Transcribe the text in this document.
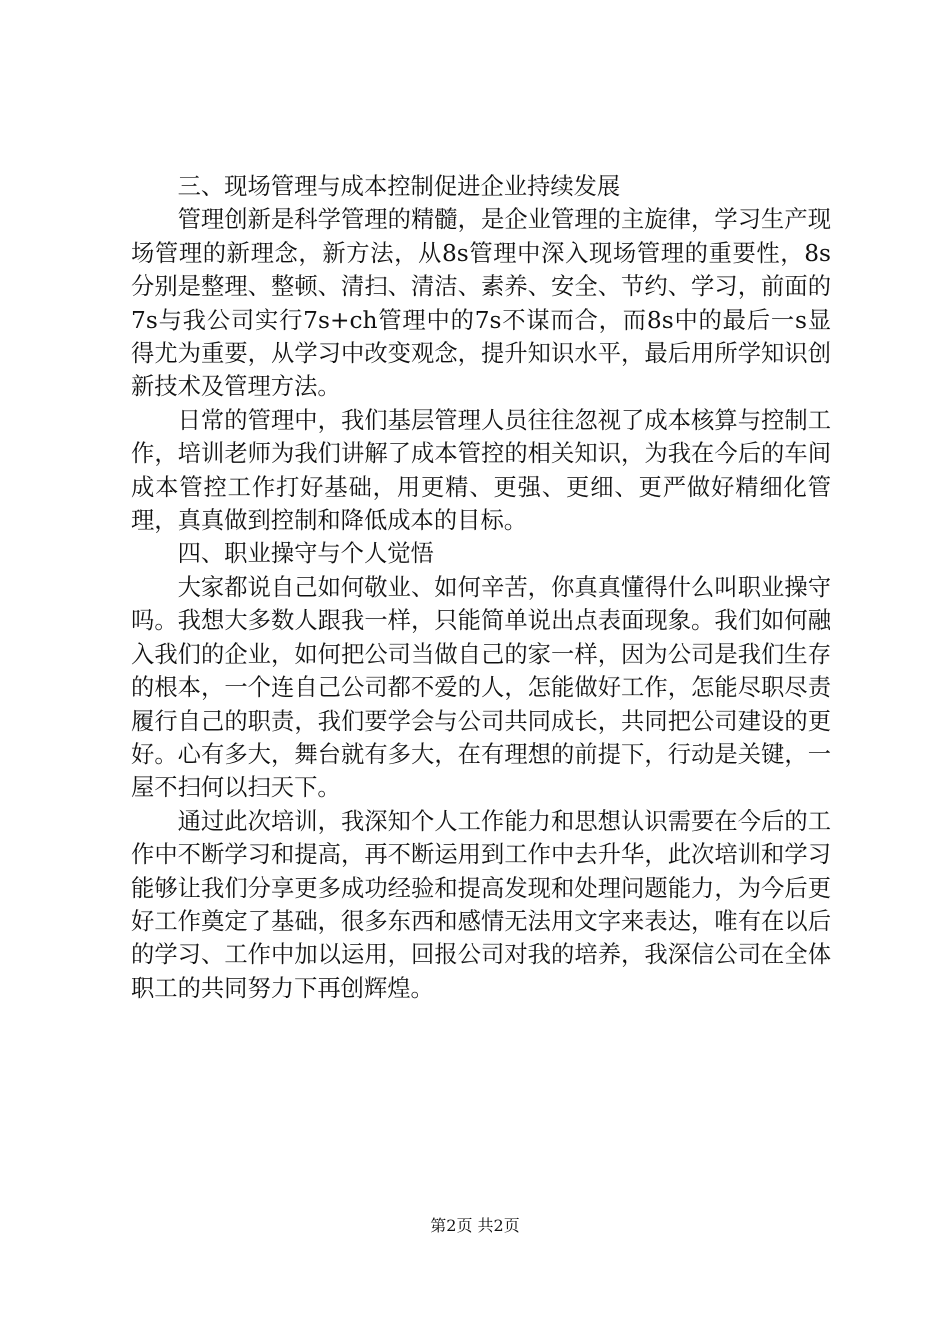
三、现场管理与成本控制促进企业持续发展

管理创新是科学管理的精髓，是企业管理的主旋律，学习生产现场管理的新理念，新方法，从8s管理中深入现场管理的重要性，8s分别是整理、整顿、清扫、清洁、素养、安全、节约、学习，前面的7s与我公司实行7s+ch管理中的7s不谋而合，而8s中的最后一s显得尤为重要，从学习中改变观念，提升知识水平，最后用所学知识创新技术及管理方法。

日常的管理中，我们基层管理人员往往忽视了成本核算与控制工作，培训老师为我们讲解了成本管控的相关知识，为我在今后的车间成本管控工作打好基础，用更精、更强、更细、更严做好精细化管理，真真做到控制和降低成本的目标。

四、职业操守与个人觉悟

大家都说自己如何敬业、如何辛苦，你真真懂得什么叫职业操守吗。我想大多数人跟我一样，只能简单说出点表面现象。我们如何融入我们的企业，如何把公司当做自己的家一样，因为公司是我们生存的根本，一个连自己公司都不爱的人，怎能做好工作，怎能尽职尽责履行自己的职责，我们要学会与公司共同成长，共同把公司建设的更好。心有多大，舞台就有多大，在有理想的前提下，行动是关键，一屋不扫何以扫天下。

通过此次培训，我深知个人工作能力和思想认识需要在今后的工作中不断学习和提高，再不断运用到工作中去升华，此次培训和学习能够让我们分享更多成功经验和提高发现和处理问题能力，为今后更好工作奠定了基础，很多东西和感情无法用文字来表达，唯有在以后的学习、工作中加以运用，回报公司对我的培养，我深信公司在全体职工的共同努力下再创辉煌。

第2页 共2页
